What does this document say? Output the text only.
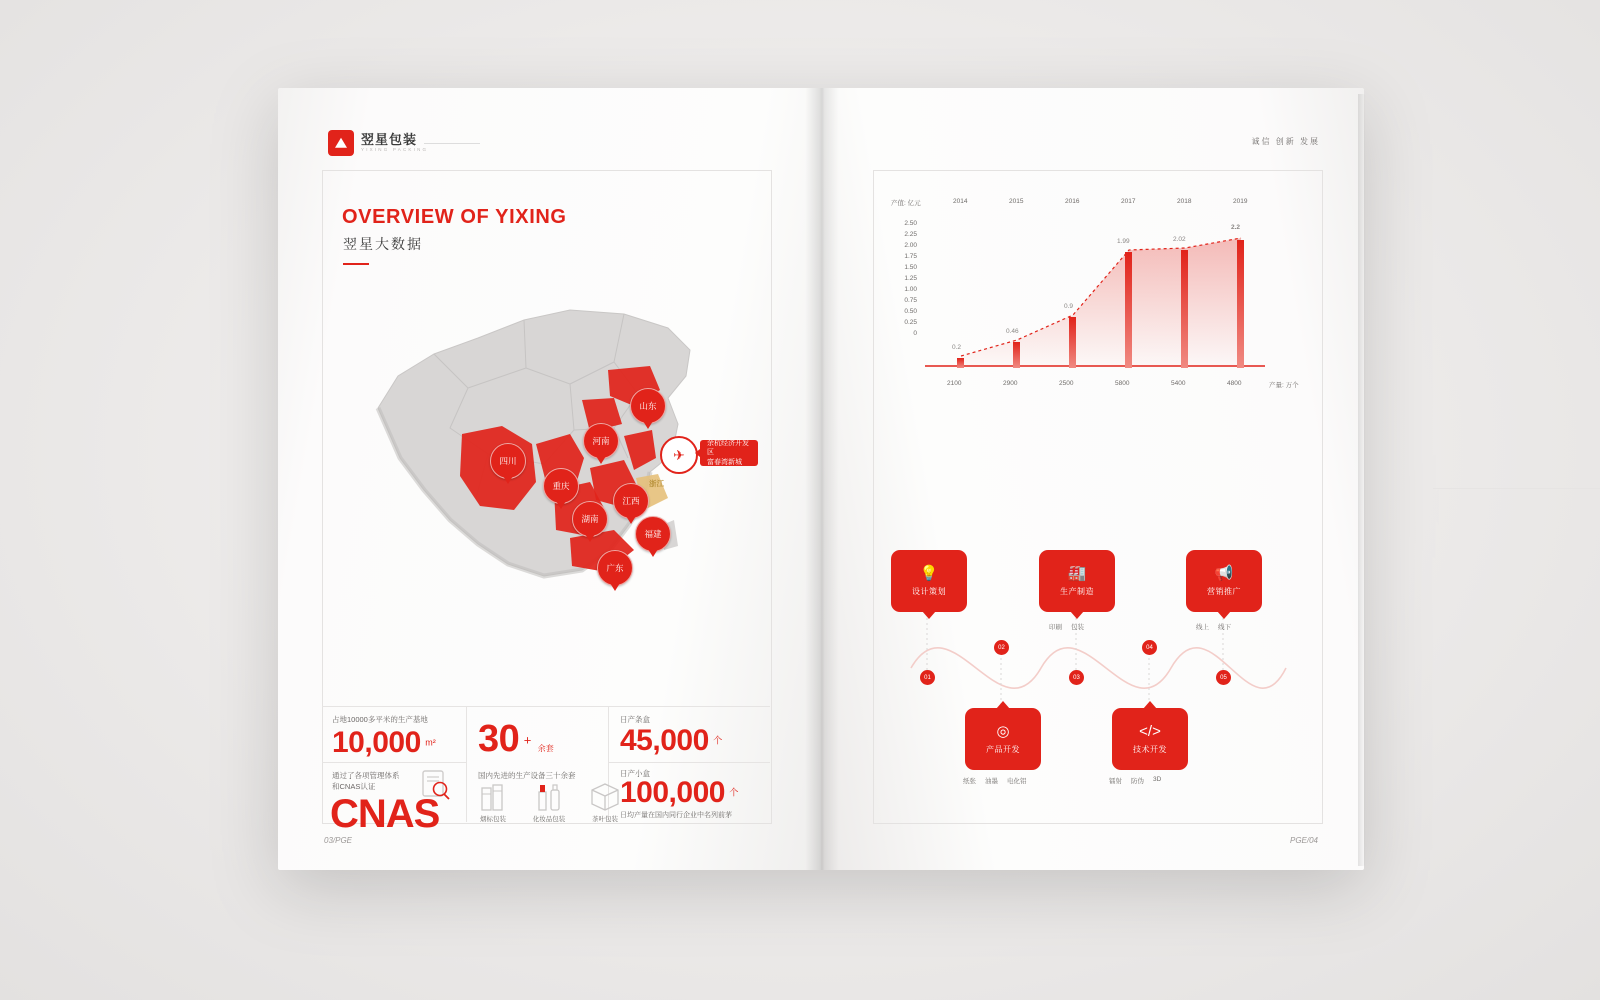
翌星包装
YIXING PACKING
OVERVIEW OF YIXING
翌星大数据
山东
河南
四川
重庆
江西
湖南
福建
广东
浙江
✈
余杭经济开发区
富春湾新城
占地10000多平米的生产基地
10,000 $^{m^2}$ 30 + 余套
国内先进的生产设备三十余套
日产条盒
45,000 $^个$
日产小盒
100,000 $^个$
日均产量在国内同行企业中名列前茅
通过了各项管理体系
和CNAS认证
CNAS	烟标包装	化妆品包装	茶叶包装
03/PGE
诚信 创新 发展
产值: 亿元	2014	2015	2016	2017	2018	2019
2.50
2.25
2.00
1.75
1.50
1.25
1.00
0.75
0.50
0.25
0
0.2
0.46
0.9
1.99	2.02
2.2
2100	2900	2500	5800	5400	4800	产量: 万个
💡
设计策划
01
◎
产品开发
02
纸张 油墨 电化铝
🏭
生产制造
03
印刷 包装
</>
技术开发
04
镭射 防伪 3D
📢
营销推广
05
线上 线下
PGE/04
